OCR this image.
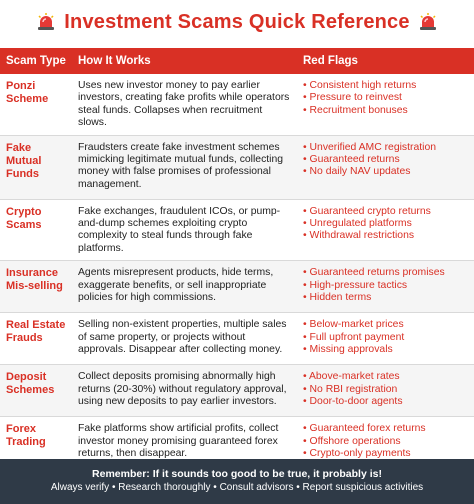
Investment Scams Quick Reference
Scam Type	How It Works	Red Flags
Ponzi Scheme	Uses new investor money to pay earlier investors, creating fake profits while operators steal funds. Collapses when recruitment slows.	• Consistent high returns
• Pressure to reinvest
• Recruitment bonuses

Fake Mutual Funds	Fraudsters create fake investment schemes mimicking legitimate mutual funds, collecting money with false promises of professional management.	• Unverified AMC registration
• Guaranteed returns
• No daily NAV updates

Crypto Scams	Fake exchanges, fraudulent ICOs, or pump-and-dump schemes exploiting crypto complexity to steal funds through fake platforms.	• Guaranteed crypto returns
• Unregulated platforms
• Withdrawal restrictions

Insurance Mis-selling	Agents misrepresent products, hide terms, exaggerate benefits, or sell inappropriate policies for high commissions.	• Guaranteed returns promises
• High-pressure tactics
• Hidden terms

Real Estate Frauds	Selling non-existent properties, multiple sales of same property, or projects without approvals. Disappear after collecting money.	• Below-market prices
• Full upfront payment
• Missing approvals

Deposit Schemes	Collect deposits promising abnormally high returns (20-30%) without regulatory approval, using new deposits to pay earlier investors.	• Above-market rates
• No RBI registration
• Door-to-door agents

Forex Trading	Fake platforms show artificial profits, collect investor money promising guaranteed forex returns, then disappear.	• Guaranteed forex returns
• Offshore operations
• Crypto-only payments
Remember: If it sounds too good to be true, it probably is!
Always verify • Research thoroughly • Consult advisors • Report suspicious activities
